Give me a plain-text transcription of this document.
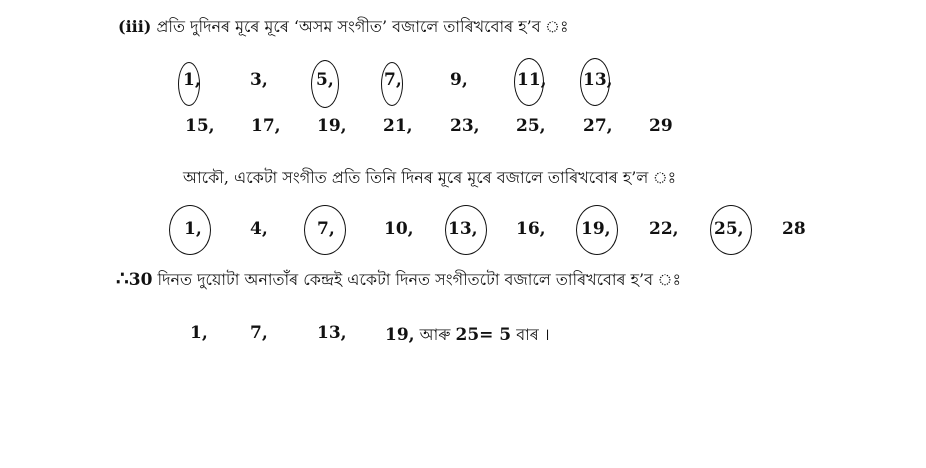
(iii) প্ৰতি দুদিনৰ মূৰে মূৰে ‘অসম সংগীত’ বজালে তাৰিখবোৰ হ’ব ঃ
1,	3,	5,	7,	9,	11, 13,
15, 17, 19, 21, 23, 25, 27, 29
আকৌ, একেটা সংগীত প্ৰতি তিনি দিনৰ মূৰে মূৰে বজালে তাৰিখবোৰ হ’ল ঃ
1,	4,	7,	10, 13, 16, 19, 22, 25, 28
∴30 দিনত দুয়োটা অনাতাঁৰ কেন্দ্ৰই একেটা দিনত সংগীতটো বজালে তাৰিখবোৰ হ’ব ঃ
1, 7,	13, 19, আৰু 25= 5 বাৰ ।
